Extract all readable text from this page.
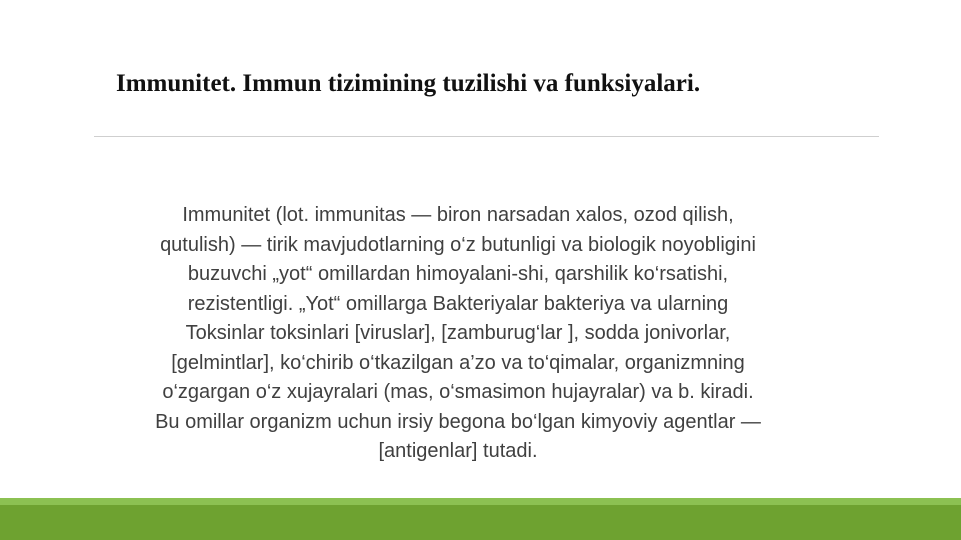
Immunitet. Immun tizimining tuzilishi va funksiyalari.

Immunitet (lot. immunitas — biron narsadan xalos, ozod qilish,
qutulish) — tirik mavjudotlarning o‘z butunligi va biologik noyobligini
buzuvchi „yot“ omillardan himoyalani-shi, qarshilik ko‘rsatishi,
rezistentligi. „Yot“ omillarga Bakteriyalar bakteriya va ularning
Toksinlar toksinlari [viruslar], [zamburug‘lar ], sodda jonivorlar,
[gelmintlar], ko‘chirib o‘tkazilgan a’zo va to‘qimalar, organizmning
o‘zgargan o‘z xujayralari (mas, o‘smasimon hujayralar) va b. kiradi.
Bu omillar organizm uchun irsiy begona bo‘lgan kimyoviy agentlar —
[antigenlar] tutadi.
